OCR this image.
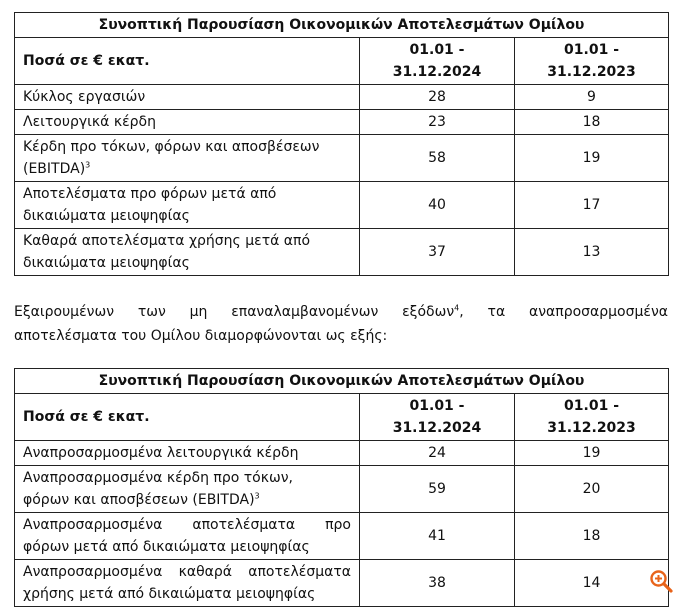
Συνοπτική Παρουσίαση Οικονομικών Αποτελεσμάτων Ομίλου		
Ποσά σε € εκατ.	01.01 - 31.12.2024	01.01 - 31.12.2023
Κύκλος εργασιών	28	9
Λειτουργικά κέρδη	23	18
Κέρδη προ τόκων, φόρων και αποσβέσεων
(EBITDA)$^3$	58	19
Αποτελέσματα προ φόρων μετά από
δικαιώματα μειοψηφίας	40	17
Καθαρά αποτελέσματα χρήσης μετά από
δικαιώματα μειοψηφίας	37	13

Εξαιρουμένων των μη επαναλαμβανομένων εξόδων$^4$, τα αναπροσαρμοσμένα
αποτελέσματα του Ομίλου διαμορφώνονται ως εξής:

Συνοπτική Παρουσίαση Οικονομικών Αποτελεσμάτων Ομίλου		
Ποσά σε € εκατ.	01.01 - 31.12.2024	01.01 - 31.12.2023
Αναπροσαρμοσμένα λειτουργικά κέρδη	24	19
Αναπροσαρμοσμένα κέρδη προ τόκων,
φόρων και αποσβέσεων (EBITDA)$^3$	59	20

Αναπροσαρμοσμένα αποτελέσματα προ
φόρων μετά από δικαιώματα μειοψηφίας	41	18

Αναπροσαρμοσμένα καθαρά αποτελέσματα
χρήσης μετά από δικαιώματα μειοψηφίας	38	14
